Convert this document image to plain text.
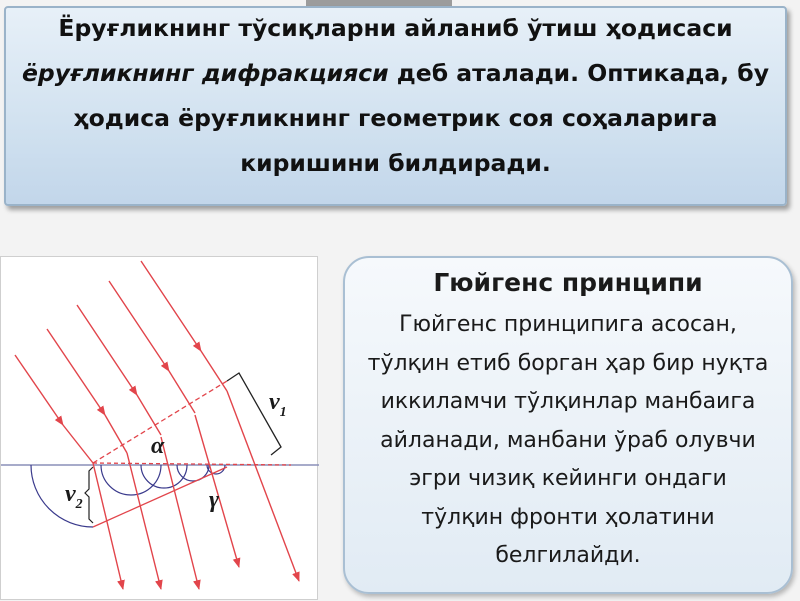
Ёруғликнинг тўсиқларни айланиб ўтиш ҳодисаси
ёруғликнинг дифракцияси деб аталади. Оптикада, бу
ҳодиса ёруғликнинг геометрик соя соҳаларига
киришини билдиради.
$v_1$
$v_2$
α
γ
Гюйгенс принципи
Гюйгенс принципига асосан,
тўлқин етиб борган ҳар бир нуқта
иккиламчи тўлқинлар манбаига
айланади, манбани ўраб олувчи
эгри чизиқ кейинги ондаги
тўлқин фронти ҳолатини
белгилайди.
